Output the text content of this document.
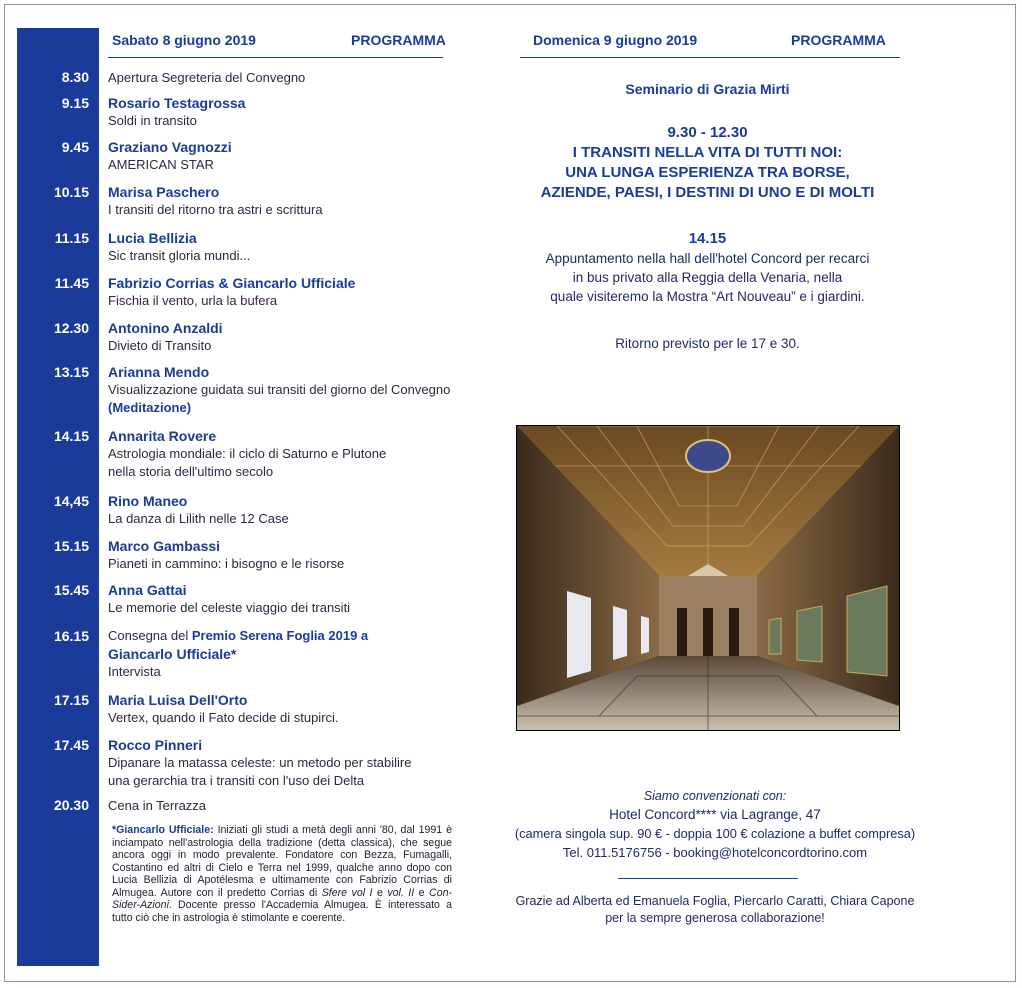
Sabato 8 giugno 2019	PROGRAMMA
8.30
9.15
9.45
10.15
11.15
11.45
12.30
13.15
14.15
14,45
15.15
15.45
16.15
17.15
17.45
20.30
Apertura Segreteria del Convegno
Rosario Testagrossa
Soldi in transito
Graziano Vagnozzi
AMERICAN STAR
Marisa Paschero
I transiti del ritorno tra astri e scrittura
Lucia Bellizia
Sic transit gloria mundi...
Fabrizio Corrias & Giancarlo Ufficiale
Fischia il vento, urla la bufera
Antonino Anzaldi
Divieto di Transito
Arianna Mendo
Visualizzazione guidata sui transiti del giorno del Convegno
(Meditazione)
Annarita Rovere
Astrologia mondiale: il ciclo di Saturno e Plutone
nella storia dell'ultimo secolo
Rino Maneo
La danza di Lilith nelle 12 Case
Marco Gambassi
Pianeti in cammino: i bisogno e le risorse
Anna Gattai
Le memorie del celeste viaggio dei transiti
Consegna del Premio Serena Foglia 2019 a
Giancarlo Ufficiale*
Intervista
Maria Luisa Dell'Orto
Vertex, quando il Fato decide di stupirci.
Rocco Pinneri
Dipanare la matassa celeste: un metodo per stabilire
una gerarchia tra i transiti con l'uso dei Delta
Cena in Terrazza
*Giancarlo Ufficiale: Iniziati gli studi a metà degli anni '80, dal 1991 è inciampato nell'astrologia della tradizione (detta classica), che segue ancora oggi in modo prevalente. Fondatore con Bezza, Fumagalli, Costantino ed altri di Cielo e Terra nel 1999, qualche anno dopo con Lucia Bellizia di Apotélesma e ultimamente con Fabrizio Corrias di Almugea. Autore con il predetto Corrias di Sfere vol I e vol. II e Con-Sider-Azioni. Docente presso l'Accademia Almugea. È interessato a tutto ciò che in astrologia è stimolante e coerente.
Domenica 9 giugno 2019	PROGRAMMA
Seminario di Grazia Mirti
9.30 - 12.30
I TRANSITI NELLA VITA DI TUTTI NOI:
UNA LUNGA ESPERIENZA TRA BORSE,
AZIENDE, PAESI, I DESTINI DI UNO E DI MOLTI
14.15
Appuntamento nella hall dell'hotel Concord per recarci
in bus privato alla Reggia della Venaria, nella
quale visiteremo la Mostra “Art Nouveau” e i giardini.
Ritorno previsto per le 17 e 30.
Siamo convenzionati con:
Hotel Concord**** via Lagrange, 47
(camera singola sup. 90 € - doppia 100 € colazione a buffet compresa)
Tel. 011.5176756 - booking@hotelconcordtorino.com
Grazie ad Alberta ed Emanuela Foglia, Piercarlo Caratti, Chiara Capone
per la sempre generosa collaborazione!
